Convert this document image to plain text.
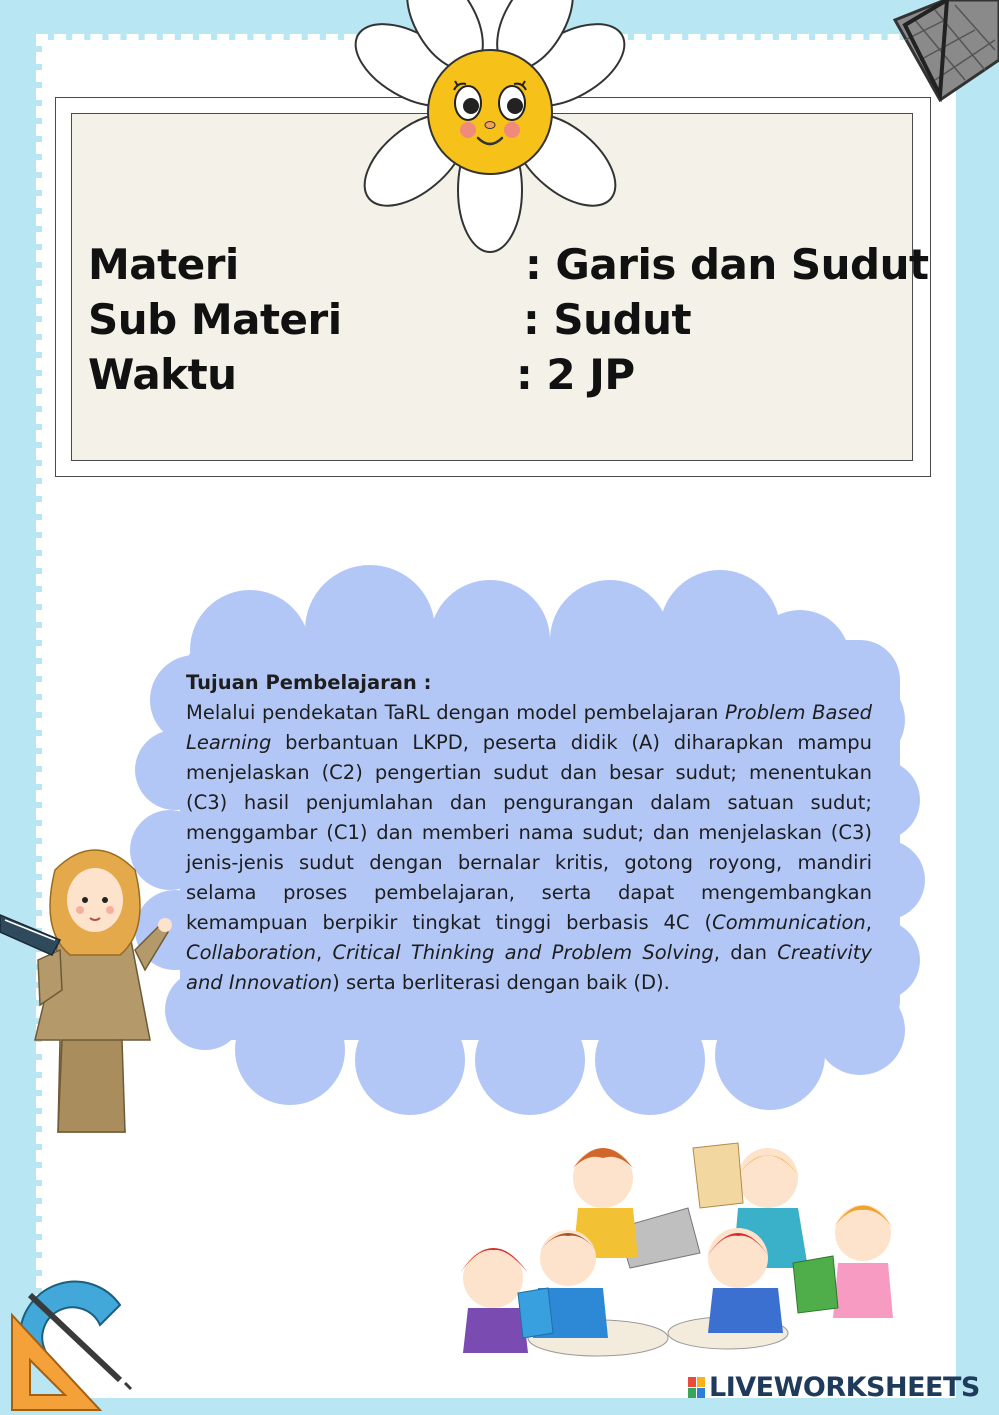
Materi	: Garis dan Sudut
Sub Materi	: Sudut
Waktu	: 2 JP
Tujuan Pembelajaran :
Melalui pendekatan TaRL dengan model pembelajaran Problem Based Learning berbantuan LKPD, peserta didik (A) diharapkan mampu menjelaskan (C2) pengertian sudut dan besar sudut; menentukan (C3) hasil penjumlahan dan pengurangan dalam satuan sudut; menggambar (C1) dan memberi nama sudut; dan menjelaskan (C3) jenis-jenis sudut dengan bernalar kritis, gotong royong, mandiri selama proses pembelajaran, serta dapat mengembangkan kemampuan berpikir tingkat tinggi berbasis 4C (Communication, Collaboration, Critical Thinking and Problem Solving, dan Creativity and Innovation) serta berliterasi dengan baik (D).
LIVEWORKSHEETS
